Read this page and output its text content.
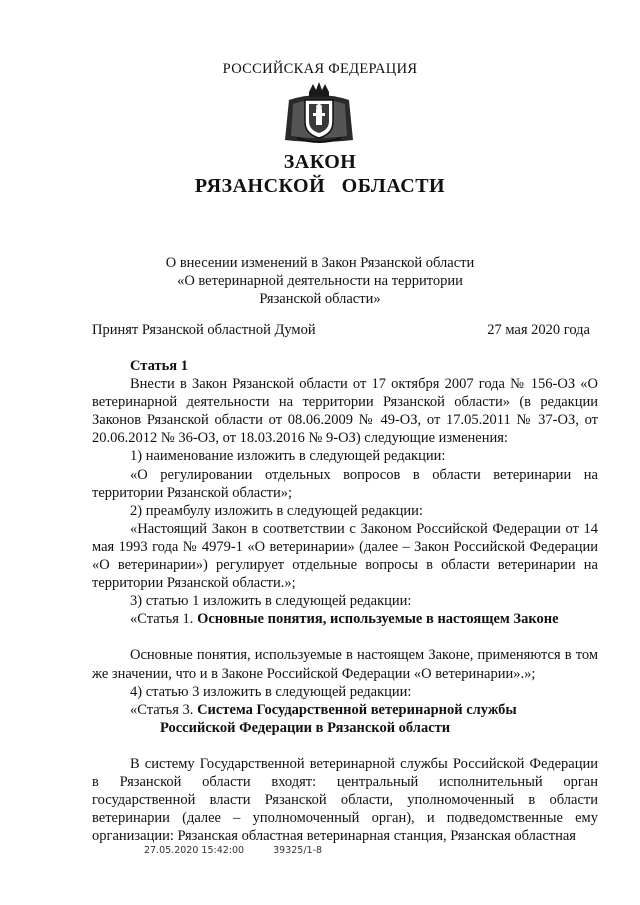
РОССИЙСКАЯ ФЕДЕРАЦИЯ
ЗАКОН
РЯЗАНСКОЙ   ОБЛАСТИ
О внесении изменений в Закон Рязанской области
«О ветеринарной деятельности на территории
Рязанской области»
Принят Рязанской областной Думой	27 мая 2020 года

Статья 1

Внести в Закон Рязанской области от 17 октября 2007 года № 156-ОЗ «О ветеринарной деятельности на территории Рязанской области» (в редакции Законов Рязанской области от 08.06.2009 № 49-ОЗ, от 17.05.2011 № 37-ОЗ, от 20.06.2012 № 36-ОЗ, от 18.03.2016 № 9-ОЗ) следующие изменения:

1) наименование изложить в следующей редакции:

«О регулировании отдельных вопросов в области ветеринарии на территории Рязанской области»;

2) преамбулу изложить в следующей редакции:

«Настоящий Закон в соответствии с Законом Российской Федерации от 14 мая 1993 года № 4979-1 «О ветеринарии» (далее – Закон Российской Федерации «О ветеринарии») регулирует отдельные вопросы в области ветеринарии на территории Рязанской области.»;

3) статью 1 изложить в следующей редакции:

«Статья 1. Основные понятия, используемые в настоящем Законе

Основные понятия, используемые в настоящем Законе, применяются в том же значении, что и в Законе Российской Федерации «О ветеринарии».»;

4) статью 3 изложить в следующей редакции:

«Статья 3. Система Государственной ветеринарной службы

Российской Федерации в Рязанской области

В систему Государственной ветеринарной службы Российской Федерации в Рязанской области входят: центральный исполнительный орган государственной власти Рязанской области, уполномоченный в области ветеринарии (далее – уполномоченный орган), и подведомственные ему организации: Рязанская областная ветеринарная станция, Рязанская областная

27.05.2020 15:42:00	39325/1-8
